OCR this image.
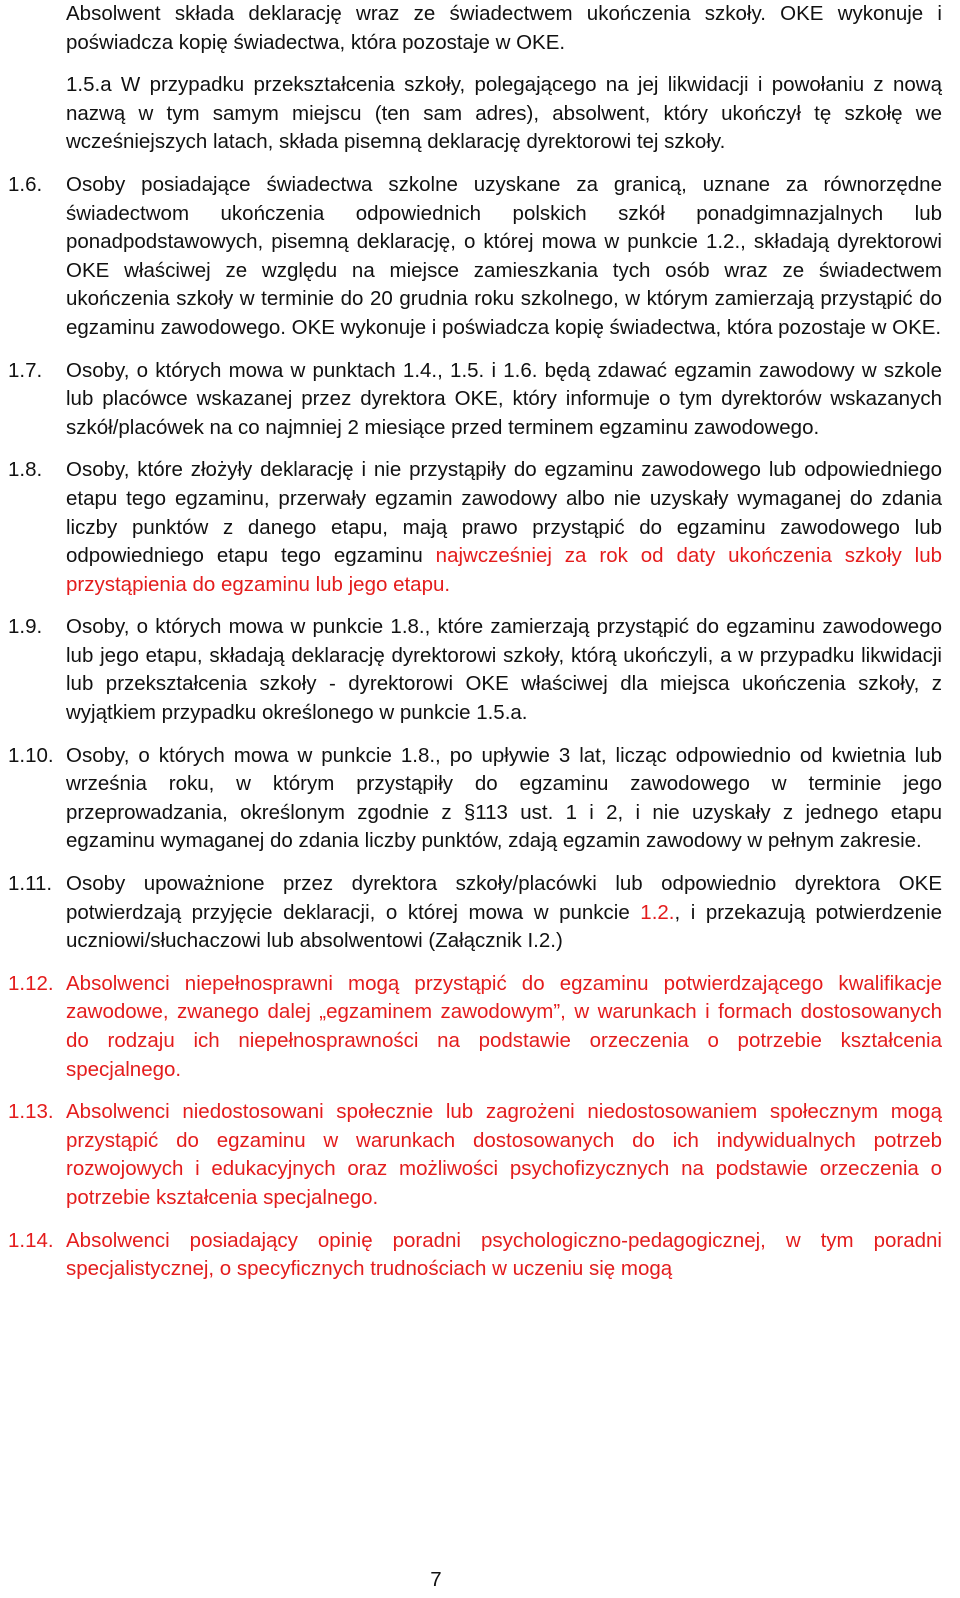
Absolwent składa deklarację wraz ze świadectwem ukończenia szkoły. OKE wykonuje i poświadcza kopię świadectwa, która pozostaje w OKE.
1.5.a W przypadku przekształcenia szkoły, polegającego na jej likwidacji i powołaniu z nową nazwą w tym samym miejscu (ten sam adres), absolwent, który ukończył tę szkołę we wcześniejszych latach, składa pisemną deklarację dyrektorowi tej szkoły.
1.6. Osoby posiadające świadectwa szkolne uzyskane za granicą, uznane za równorzędne świadectwom ukończenia odpowiednich polskich szkół ponadgimnazjalnych lub ponadpodstawowych, pisemną deklarację, o której mowa w punkcie 1.2., składają dyrektorowi OKE właściwej ze względu na miejsce zamieszkania tych osób wraz ze świadectwem ukończenia szkoły w terminie do 20 grudnia roku szkolnego, w którym zamierzają przystąpić do egzaminu zawodowego. OKE wykonuje i poświadcza kopię świadectwa, która pozostaje w OKE.
1.7. Osoby, o których mowa w punktach 1.4., 1.5. i 1.6. będą zdawać egzamin zawodowy w szkole lub placówce wskazanej przez dyrektora OKE, który informuje o tym dyrektorów wskazanych szkół/placówek na co najmniej 2 miesiące przed terminem egzaminu zawodowego.
1.8. Osoby, które złożyły deklarację i nie przystąpiły do egzaminu zawodowego lub odpowiedniego etapu tego egzaminu, przerwały egzamin zawodowy albo nie uzyskały wymaganej do zdania liczby punktów z danego etapu, mają prawo przystąpić do egzaminu zawodowego lub odpowiedniego etapu tego egzaminu najwcześniej za rok od daty ukończenia szkoły lub przystąpienia do egzaminu lub jego etapu.
1.9. Osoby, o których mowa w punkcie 1.8., które zamierzają przystąpić do egzaminu zawodowego lub jego etapu, składają deklarację dyrektorowi szkoły, którą ukończyli, a w przypadku likwidacji lub przekształcenia szkoły - dyrektorowi OKE właściwej dla miejsca ukończenia szkoły, z wyjątkiem przypadku określonego w punkcie 1.5.a.
1.10. Osoby, o których mowa w punkcie 1.8., po upływie 3 lat, licząc odpowiednio od kwietnia lub września roku, w którym przystąpiły do egzaminu zawodowego w terminie jego przeprowadzania, określonym zgodnie z §113 ust. 1 i 2, i nie uzyskały z jednego etapu egzaminu wymaganej do zdania liczby punktów, zdają egzamin zawodowy w pełnym zakresie.
1.11. Osoby upoważnione przez dyrektora szkoły/placówki lub odpowiednio dyrektora OKE potwierdzają przyjęcie deklaracji, o której mowa w punkcie 1.2., i przekazują potwierdzenie uczniowi/słuchaczowi lub absolwentowi (Załącznik I.2.)
1.12. Absolwenci niepełnosprawni mogą przystąpić do egzaminu potwierdzającego kwalifikacje zawodowe, zwanego dalej „egzaminem zawodowym”, w warunkach i formach dostosowanych do rodzaju ich niepełnosprawności na podstawie orzeczenia o potrzebie kształcenia specjalnego.
1.13. Absolwenci niedostosowani społecznie lub zagrożeni niedostosowaniem społecznym mogą przystąpić do egzaminu w warunkach dostosowanych do ich indywidualnych potrzeb rozwojowych i edukacyjnych oraz możliwości psychofizycznych na podstawie orzeczenia o potrzebie kształcenia specjalnego.
1.14. Absolwenci posiadający opinię poradni psychologiczno-pedagogicznej, w tym poradni specjalistycznej, o specyficznych trudnościach w uczeniu się mogą
7
